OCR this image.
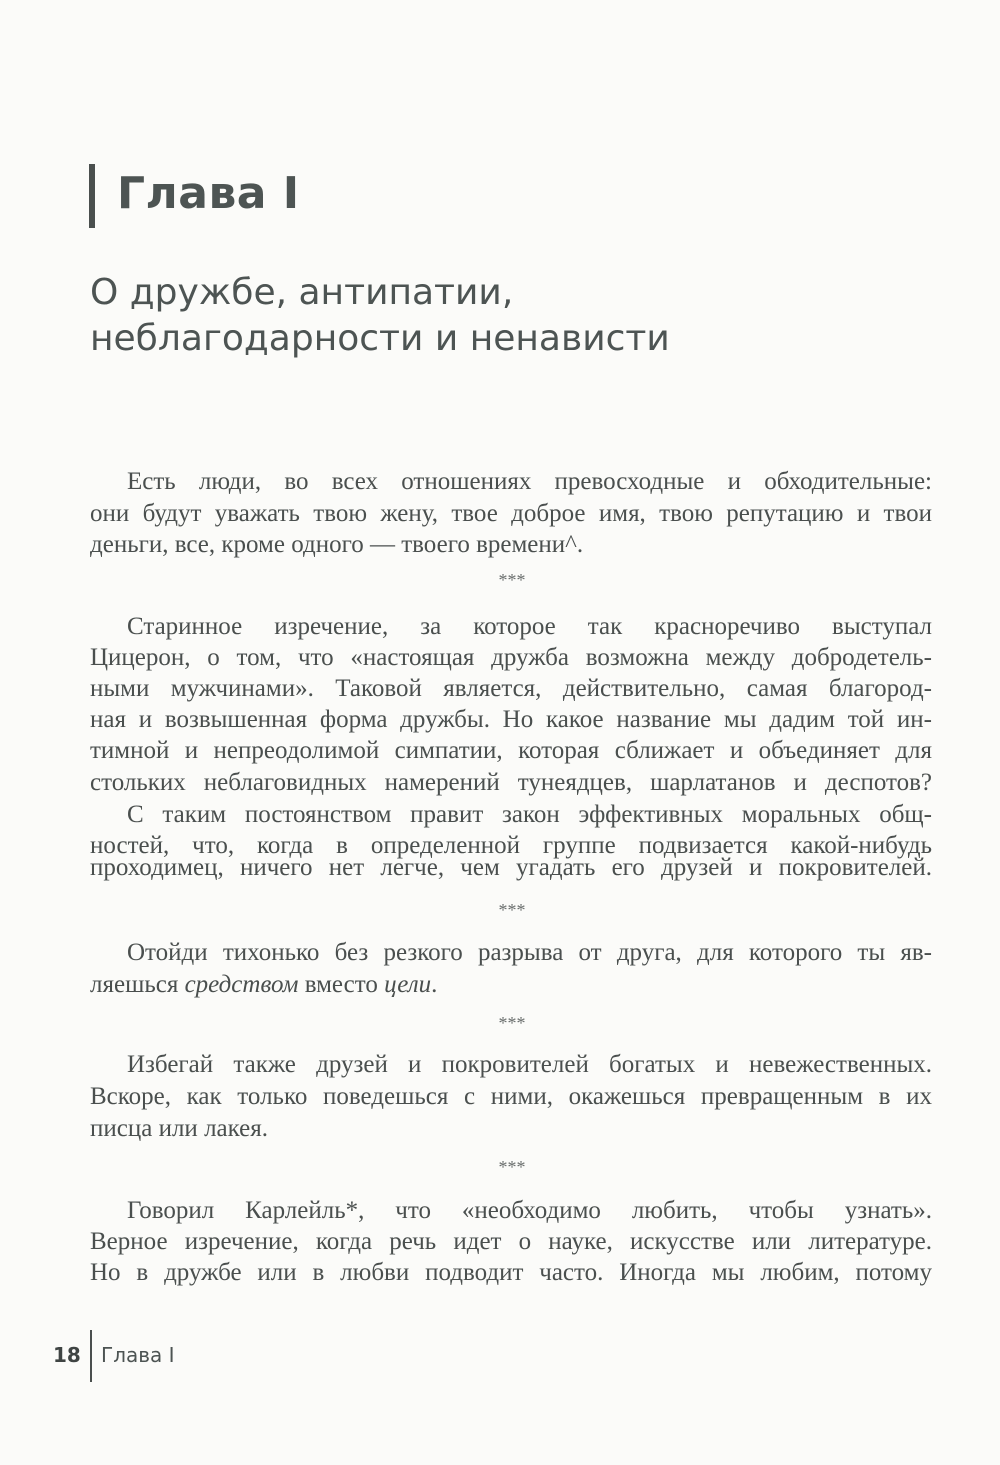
Глава I
О дружбе, антипатии,
неблагодарности и ненависти
Есть люди, во всех отношениях превосходные и обходительные:
они будут уважать твою жену, твое доброе имя, твою репутацию и твои
деньги, все, кроме одного — твоего времени^.
***
Старинное изречение, за которое так красноречиво выступал
Цицерон, о том, что «настоящая дружба возможна между добродетель-
ными мужчинами». Таковой является, действительно, самая благород-
ная и возвышенная форма дружбы. Но какое название мы дадим той ин-
тимной и непреодолимой симпатии, которая сближает и объединяет для
стольких неблаговидных намерений тунеядцев, шарлатанов и деспотов?
С таким постоянством правит закон эффективных моральных общ-
ностей, что, когда в определенной группе подвизается какой-нибудь
проходимец, ничего нет легче, чем угадать его друзей и покровителей.
***
Отойди тихонько без резкого разрыва от друга, для которого ты яв-
ляешься средством вместо цели.
***
Избегай также друзей и покровителей богатых и невежественных.
Вскоре, как только поведешься с ними, окажешься превращенным в их
писца или лакея.
***
Говорил Карлейль*, что «необходимо любить, чтобы узнать».
Верное изречение, когда речь идет о науке, искусстве или литературе.
Но в дружбе или в любви подводит часто. Иногда мы любим, потому
18 Глава I
